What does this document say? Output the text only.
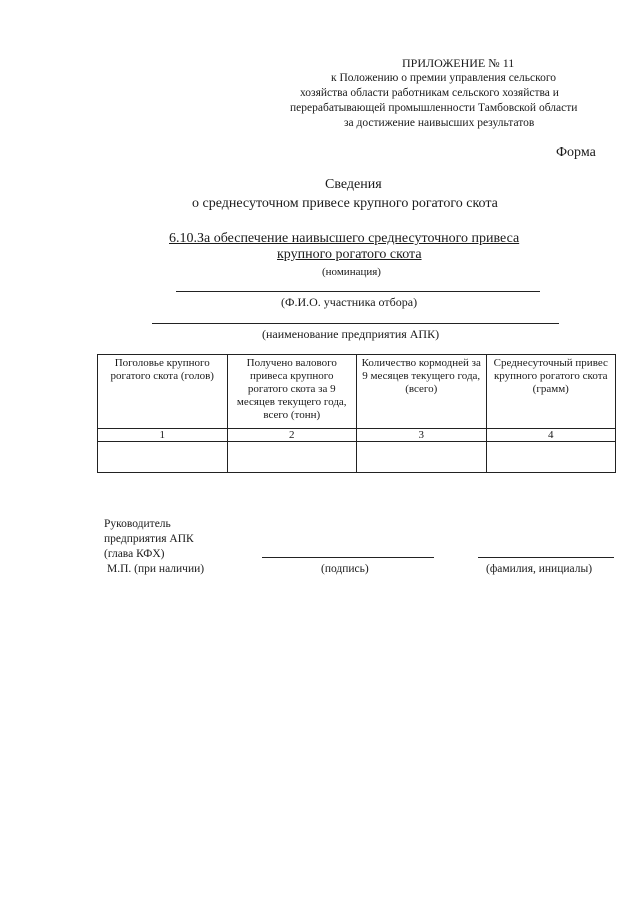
ПРИЛОЖЕНИЕ № 11
к Положению о премии управления сельского
хозяйства области работникам сельского хозяйства и
перерабатывающей промышленности Тамбовской области
за достижение наивысших результатов
Форма
Сведения
о среднесуточном привесе крупного рогатого скота
6.10.За обеспечение наивысшего среднесуточного привеса
крупного рогатого скота
(номинация)
(Ф.И.О. участника отбора)
(наименование предприятия АПК)
Поголовье крупного рогатого скота (голов)	Получено валового привеса крупного рогатого скота за 9 месяцев текущего года, всего (тонн)	Количество кормодней за 9 месяцев текущего года, (всего)	Среднесуточный привес крупного рогатого скота (грамм)
1	2	3	4

Руководитель
предприятия АПК
(глава КФХ)
М.П. (при наличии)	(подпись)	(фамилия, инициалы)
